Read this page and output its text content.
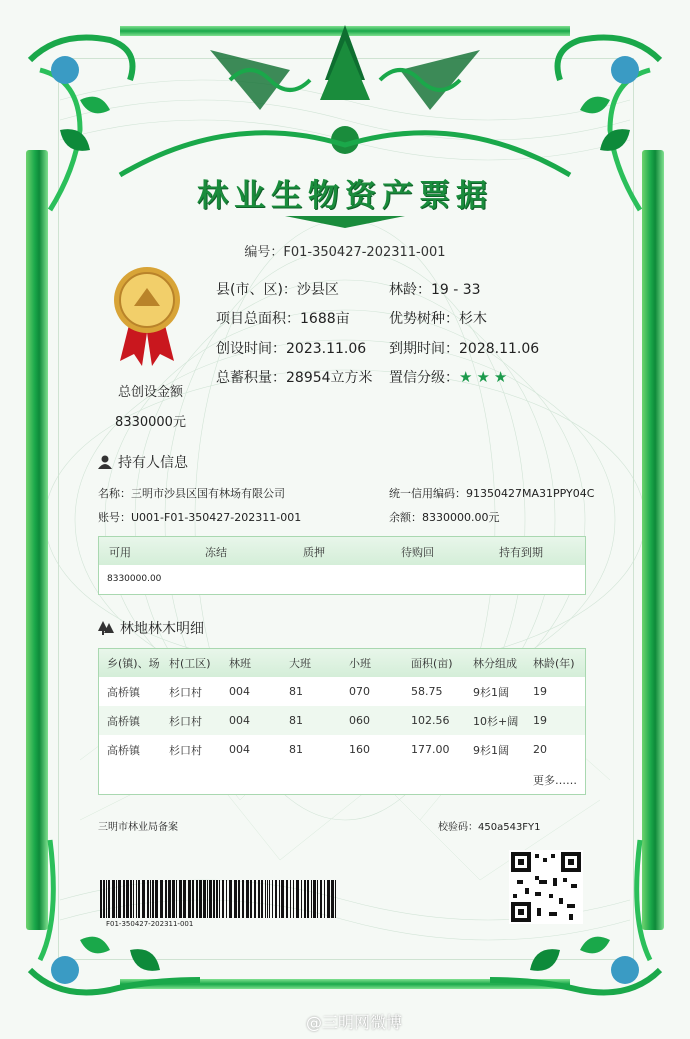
林业生物资产票据
编号：F01-350427-202311-001
总创设金额
8330000元
县(市、区)：沙县区	林龄：19 - 33
项目总面积：1688亩	优势树种：杉木
创设时间：2023.11.06 到期时间：2028.11.06
总蓄积量：28954立方米 置信分级：★★★
持有人信息
名称：三明市沙县区国有林场有限公司	统一信用编码：91350427MA31PPY04C
账号：U001-F01-350427-202311-001	余额：8330000.00元
可用	冻结	质押	待购回	持有到期
8330000.00
林地林木明细
乡(镇)、场 村(工区) 林班	大班	小班	面积(亩) 林分组成 林龄(年)
高桥镇	杉口村 004	81	070	58.75	9杉1阔 19
高桥镇	杉口村 004	81	060	102.56 10杉+阔 19
高桥镇	杉口村 004	81	160	177.00 9杉1阔 20
更多……
三明市林业局备案	校验码：450a543FY1
F01-350427-202311-001
@三明网微博
